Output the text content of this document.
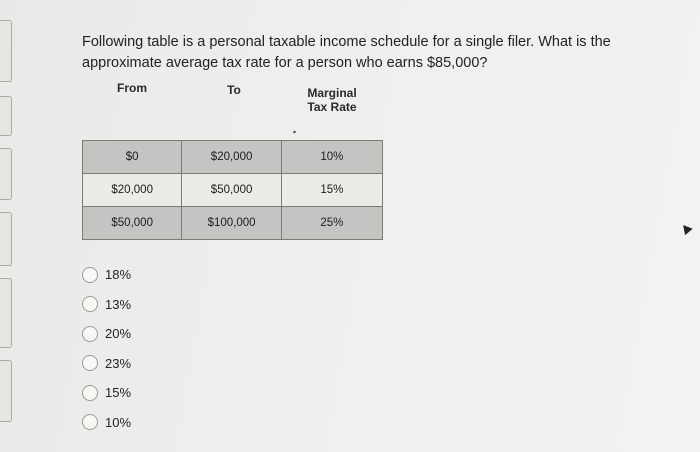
Following table is a personal taxable income schedule for a single filer. What is the approximate average tax rate for a person who earns $85,000?
From	To	Marginal
Tax Rate
$0	$20,000	10%
$20,000	$50,000	15%
$50,000	$100,000	25%
18%
13%
20%
23%
15%
10%
